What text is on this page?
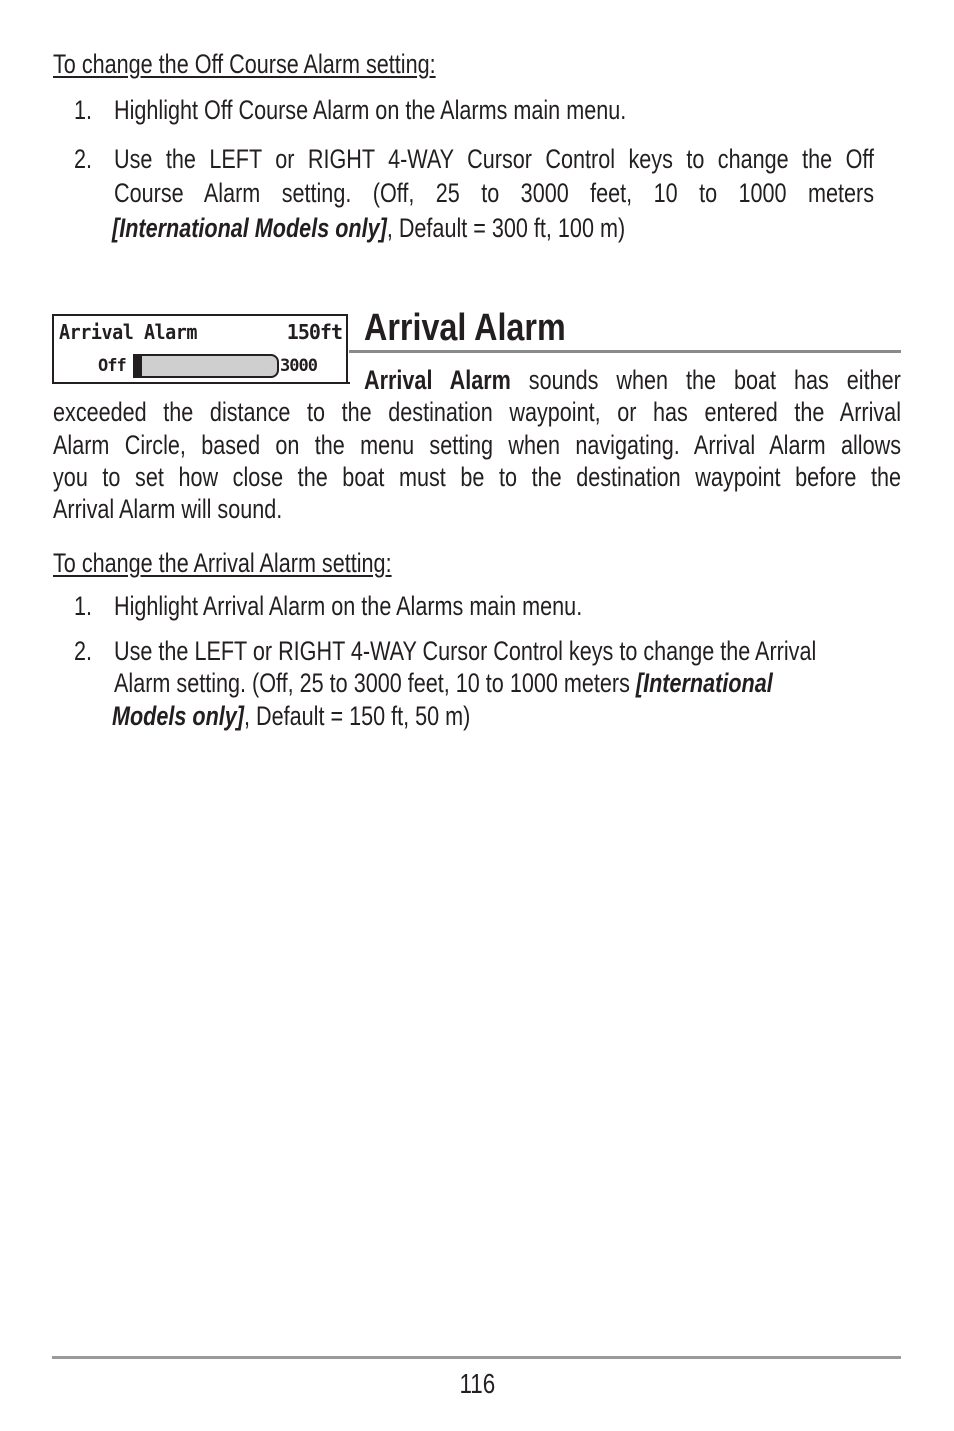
To change the Off Course Alarm setting:
1. Highlight Off Course Alarm on the Alarms main menu.
2. Use the LEFT or RIGHT 4-WAY Cursor Control keys to change the Off
Course Alarm setting. (Off, 25 to 3000 feet, 10 to 1000 meters
[International Models only], Default = 300 ft, 100 m)
Arrival Alarm	150ft
Off	3000
Arrival Alarm
Arrival Alarm sounds when the boat has either
exceeded the distance to the destination waypoint, or has entered the Arrival
Alarm Circle, based on the menu setting when navigating. Arrival Alarm allows
you to set how close the boat must be to the destination waypoint before the
Arrival Alarm will sound.
To change the Arrival Alarm setting:
1. Highlight Arrival Alarm on the Alarms main menu.
2. Use the LEFT or RIGHT 4-WAY Cursor Control keys to change the Arrival
Alarm setting. (Off, 25 to 3000 feet, 10 to 1000 meters [International
Models only], Default = 150 ft, 50 m)
116
